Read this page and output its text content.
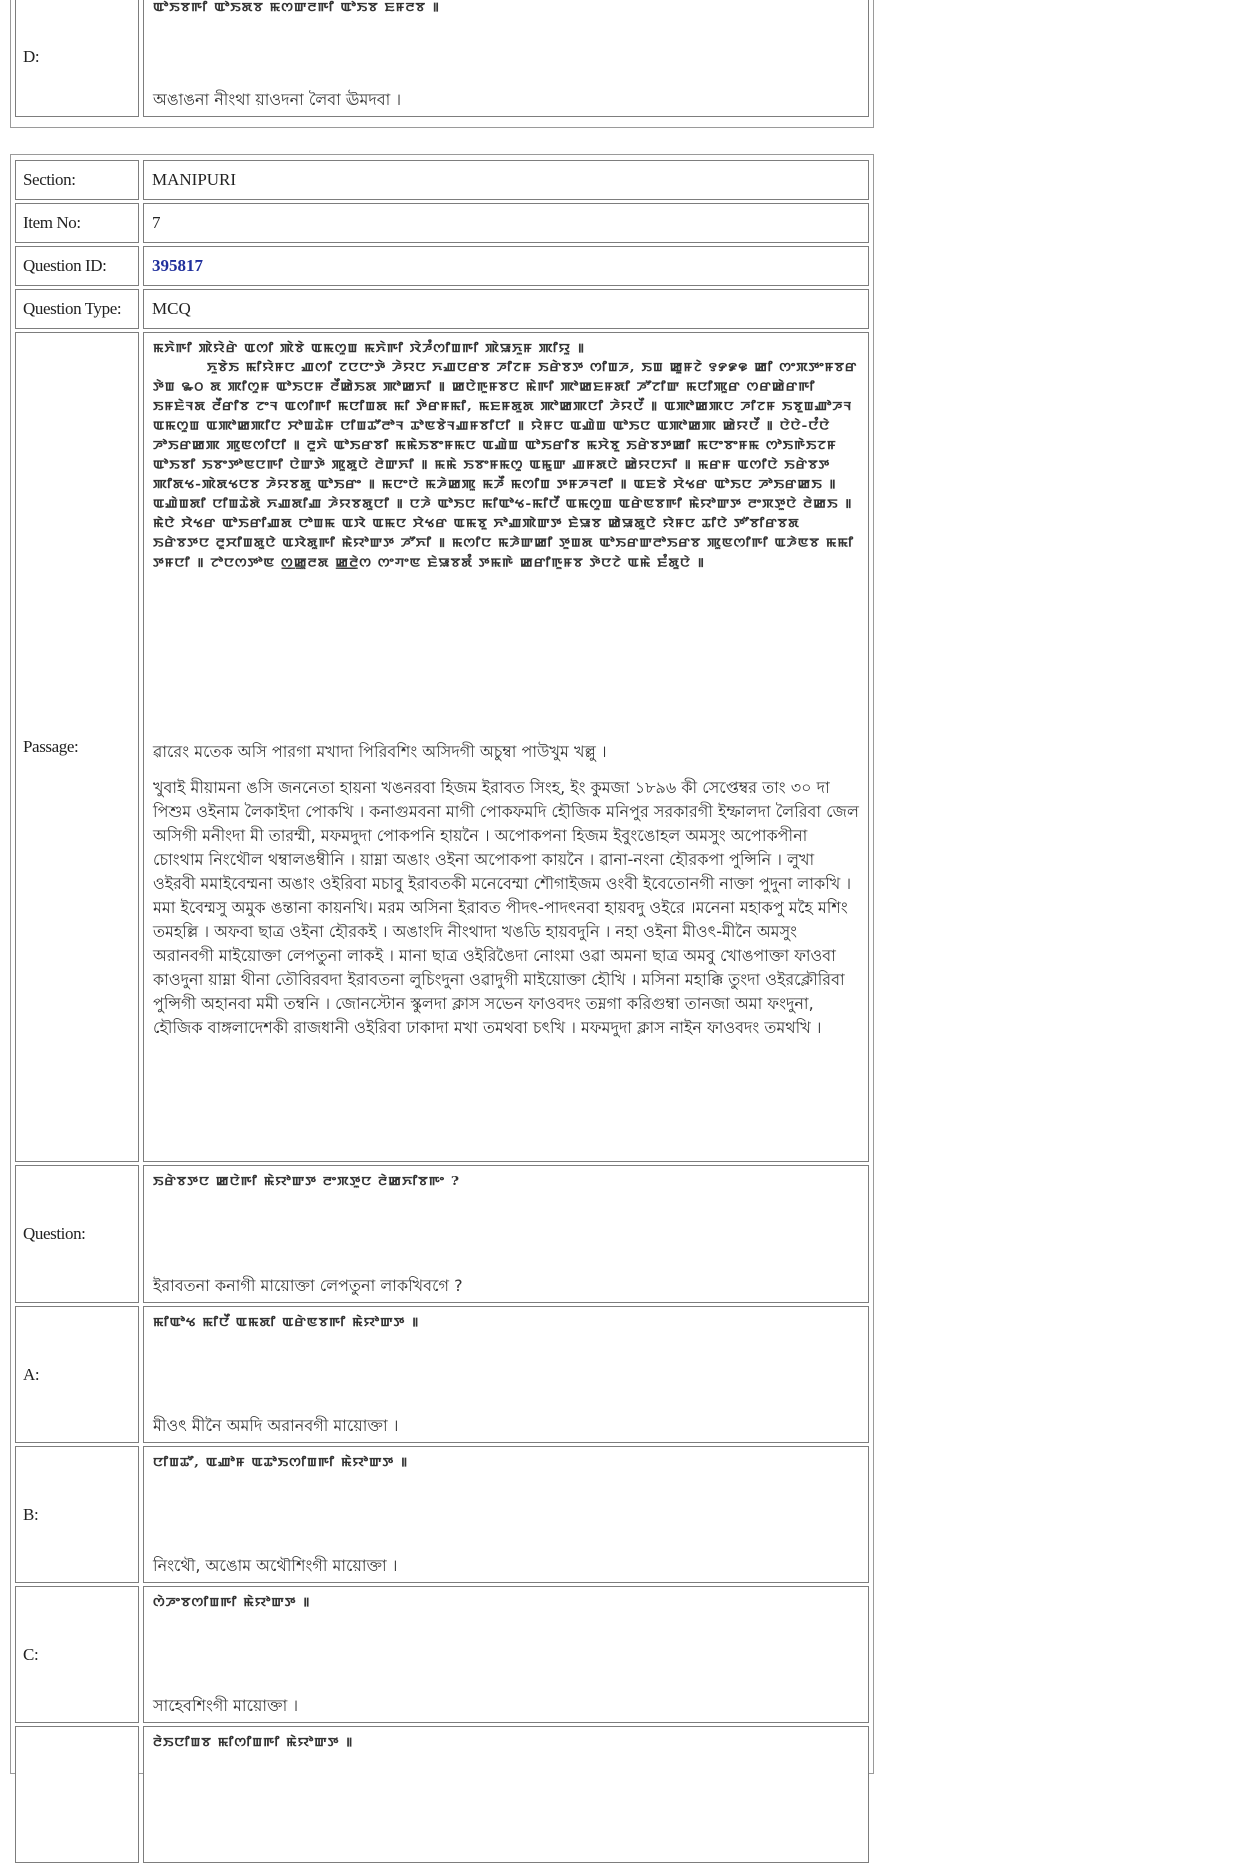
D:
ꯑꯣꯏꯕꯒꯤ ꯑꯣꯏꯗꯕ ꯃꯁꯛꯂꯒꯤ ꯑꯣꯏꯕ ꯐꯝꯂꯕ ꯫
অঙাঙনা নীংথা য়াওদনা লৈবা ঊমদবা ।
Section:	MANIPURI
Item No:	7
Question ID:	395817
Question Type: MCQ
Passage:
ꯃꯈꯥꯒꯤ ꯄꯥꯌꯥꯔꯥ ꯑꯁꯤ ꯄꯥꯕꯥ ꯑꯃꯁꯨꯡ ꯃꯈꯥꯒꯤ ꯋꯥꯍꯪꯁꯤꯡꯒꯤ ꯄꯥꯎꯈꯨꯝ ꯄꯤꯌꯨ ꯫
ꯈꯨꯕꯥꯏ ꯃꯤꯌꯥꯝꯅ ꯉꯁꯤ ꯖꯅꯅꯦꯇꯥ ꯍꯥꯌꯅ ꯈꯉꯅꯔꯕ ꯍꯤꯖꯝ ꯏꯔꯥꯕꯇ ꯁꯤꯡꯍ, ꯏꯡ ꯀꯨꯝꯖꯥ ꯱꯸꯹꯶ ꯀꯤ ꯁꯦꯞꯇꯦꯝꯕꯔ ꯇꯥꯡ ꯳꯰ ꯗ ꯄꯤꯁꯨꯝ ꯑꯣꯏꯅꯝ ꯂꯩꯀꯥꯏꯗ ꯄꯣꯀꯈꯤ ꯫ ꯀꯅꯥꯒꯨꯝꯕꯅ ꯃꯥꯒꯤ ꯄꯣꯀꯐꯝꯗꯤ ꯍꯧꯖꯤꯛ ꯃꯅꯤꯄꯨꯔ ꯁꯔꯀꯥꯔꯒꯤ ꯏꯝꯐꯥꯜꯗ ꯂꯩꯔꯤꯕ ꯖꯦꯜ ꯑꯁꯤꯒꯤ ꯃꯅꯤꯡꯗ ꯃꯤ ꯇꯥꯔꯝꯃꯤ, ꯃꯐꯝꯗꯨꯗ ꯄꯣꯀꯄꯅꯤ ꯍꯥꯌꯅꯩ ꯫ ꯑꯄꯣꯀꯄꯅ ꯍꯤꯖꯝ ꯏꯕꯨꯡꯉꯣꯍꯜ ꯑꯃꯁꯨꯡ ꯑꯄꯣꯀꯄꯤꯅ ꯆꯣꯡꯊꯥꯝ ꯅꯤꯡꯊꯧꯂꯣꯜ ꯊꯣꯟꯕꯥꯜꯉꯝꯕꯤꯅꯤ ꯫ ꯌꯥꯝꯅ ꯑꯉꯥꯡ ꯑꯣꯏꯅ ꯑꯄꯣꯀꯄ ꯀꯥꯌꯅꯩ ꯫ ꯅꯥꯅꯥ-ꯅꯪꯅꯥ ꯍꯣꯏꯔꯀꯄ ꯄꯨꯟꯁꯤꯅꯤ ꯫ ꯂꯨꯈꯥ ꯑꯣꯏꯔꯕꯤ ꯃꯃꯥꯏꯕꯦꯝꯃꯅ ꯑꯉꯥꯡ ꯑꯣꯏꯔꯤꯕ ꯃꯆꯥꯕꯨ ꯏꯔꯥꯕꯇꯀꯤ ꯃꯅꯦꯕꯦꯝꯃ ꯁꯣꯏꯒꯥꯏꯖꯝ ꯑꯣꯏꯕꯤ ꯏꯕꯦꯇꯣꯟꯅꯒꯤ ꯅꯥꯛꯇꯥ ꯄꯨꯗꯨꯅꯥ ꯂꯥꯛꯈꯤ ꯫ ꯃꯃꯥ ꯏꯕꯦꯝꯃꯁꯨ ꯑꯃꯨꯛ ꯉꯝꯗꯅꯥ ꯀꯥꯌꯅꯈꯤ ꯫ ꯃꯔꯝ ꯑꯁꯤꯅꯥ ꯏꯔꯥꯕꯇ ꯄꯤꯗꯠ-ꯄꯥꯗꯠꯅꯕ ꯍꯥꯌꯕꯗꯨ ꯑꯣꯏꯔꯦ ꯫ ꯃꯅꯦꯅꯥ ꯃꯍꯥꯀꯄꯨ ꯃꯍꯩ ꯃꯁꯤꯡ ꯇꯝꯍꯜꯂꯤ ꯫ ꯑꯐꯕꯥ ꯆꯥꯠꯔ ꯑꯣꯏꯅ ꯍꯣꯏꯔꯀꯏ ꯫ ꯑꯉꯥꯡꯗꯤ ꯅꯤꯡꯊꯥꯗꯥ ꯈꯉꯗꯤꯉ ꯍꯥꯌꯕꯗꯨꯅꯤ ꯫ ꯅꯍꯥ ꯑꯣꯏꯅ ꯃꯤꯑꯣꯠ-ꯃꯤꯅꯩ ꯑꯃꯁꯨꯡ ꯑꯔꯥꯟꯕꯒꯤ ꯃꯥꯌꯣꯛꯇ ꯂꯦꯞꯇꯨꯅꯥ ꯂꯥꯀꯏ ꯫ ꯃꯥꯅꯥ ꯆꯥꯠꯔ ꯑꯣꯏꯔꯤꯉꯗ ꯅꯣꯡꯃ ꯑꯋꯥ ꯑꯃꯅ ꯆꯥꯠꯔ ꯑꯃꯕꯨ ꯈꯣꯉꯄꯥꯛꯇ ꯐꯥꯎꯕ ꯀꯥꯎꯗꯨꯅꯥ ꯌꯥꯝꯅ ꯊꯤꯅꯥ ꯇꯧꯕꯤꯔꯕꯗ ꯏꯔꯥꯕꯇꯅ ꯂꯨꯆꯤꯡꯗꯨꯅꯥ ꯑꯋꯥꯗꯨꯒꯤ ꯃꯥꯌꯣꯛꯇ ꯍꯧꯈꯤ ꯫ ꯃꯁꯤꯅ ꯃꯍꯥꯛꯀꯤ ꯇꯨꯡꯗ ꯑꯣꯏꯔꯛꯂꯣꯏꯔꯕ ꯄꯨꯟꯁꯤꯒꯤ ꯑꯍꯥꯟꯕ ꯃꯃꯤ ꯇꯝꯅꯤ ꯫ ꯖꯣꯅꯁꯇꯣꯟ ꯁ꯭ꯀꯨꯂꯗ ꯀ꯭ꯂꯥꯁ ꯁꯦꯚꯦꯟ ꯐꯥꯎꯕꯗꯪ ꯇꯃꯒꯥ ꯀꯔꯤꯒꯨꯝꯕ ꯇꯥꯅꯖꯥ ꯑꯃꯥ ꯐꯪꯗꯨꯅꯥ ꯫
ৱারেং মতেক অসি পারগা মখাদা পিরিবশিং অসিদগী অচুম্বা পাউখুম খল্লু ।
খুবাই মীয়ামনা ঙসি জননেতা হায়না খঙনরবা হিজম ইরাবত সিংহ, ইং কুমজা ১৮৯৬ কী সেপ্তেম্বর তাং ৩০ দা পিশুম ওইনাম লৈকাইদা পোকখি । কনাগুমবনা মাগী পোকফমদি হৌজিক মনিপুর সরকারগী ইম্ফালদা লৈরিবা জেল অসিগী মনীংদা মী তারম্মী, মফমদুদা পোকপনি হায়নৈ । অপোকপনা হিজম ইবুংঙোহল অমসুং অপোকপীনা চোংথাম নিংথৌল থম্বালঙম্বীনি । য়াম্না অঙাং ওইনা অপোকপা কায়নৈ । ৱানা-নংনা হৌরকপা পুন্সিনি । লুখা ওইরবী মমাইবেম্মনা অঙাং ওইরিবা মচাবু ইরাবতকী মনেবেম্মা শৌগাইজম ওংবী ইবেতোনগী নাক্তা পুদুনা লাকখি । মমা ইবেম্মসু অমুক ঙন্তানা কায়নখি। মরম অসিনা ইরাবত পীদৎ-পাদৎনবা হায়বদু ওইরে ।মনেনা মহাকপু মহৈ মশিং তমহল্লি । অফবা ছাত্র ওইনা হৌরকই । অঙাংদি নীংথাদা খঙডি হায়বদুনি । নহা ওইনা মীওৎ-মীনৈ অমসুং অরানবগী মাইয়োক্তা লেপতুনা লাকই । মানা ছাত্র ওইরিঙৈদা নোংমা ওৱা অমনা ছাত্র অমবু খোঙপাক্তা ফাওবা কাওদুনা য়াম্না থীনা তৌবিরবদা ইরাবতনা লুচিংদুনা ওৱাদুগী মাইয়োক্তা হৌখি । মসিনা মহাক্কি তুংদা ওইরক্লৌরিবা পুন্সিগী অহানবা মমী তম্বনি । জোনস্টোন স্কুলদা ক্লাস সভেন ফাওবদং তম্নগা করিগুম্বা তানজা অমা ফংদুনা, হৌজিক বাঙ্গলাদেশকী রাজধানী ওইরিবা ঢাকাদা মখা তমথবা চৎখি । মফমদুদা ক্লাস নাইন ফাওবদং তমথখি ।
Question:
ꯏꯔꯥꯕꯇꯅ ꯀꯅꯥꯒꯤ ꯃꯥꯌꯣꯛꯇ ꯂꯦꯞꯇꯨꯅ ꯂꯥꯀꯈꯤꯕꯒꯦ ?
ইরাবতনা কনাগী মায়োক্তা লেপতুনা লাকখিবগে ?
A:
ꯃꯤꯑꯣꯠ ꯃꯤꯅꯩ ꯑꯃꯗꯤ ꯑꯔꯥꯟꯕꯒꯤ ꯃꯥꯌꯣꯛꯇ ꯫
মীওৎ মীনৈ অমদি অরানবগী মায়োক্তা ।
B:
ꯅꯤꯡꯊꯧ, ꯑꯉꯣꯝ ꯑꯊꯣꯏꯁꯤꯡꯒꯤ ꯃꯥꯌꯣꯛꯇ ꯫
নিংথৌ, অঙোম অথৌশিংগী মায়োক্তা ।
C:
ꯁꯥꯍꯦꯕꯁꯤꯡꯒꯤ ꯃꯥꯌꯣꯛꯇ ꯫
সাহেবশিংগী মায়োক্তা ।
ꯂꯥꯏꯅꯤꯡꯕ ꯃꯤꯁꯤꯡꯒꯤ ꯃꯥꯌꯣꯛꯇ ꯫
